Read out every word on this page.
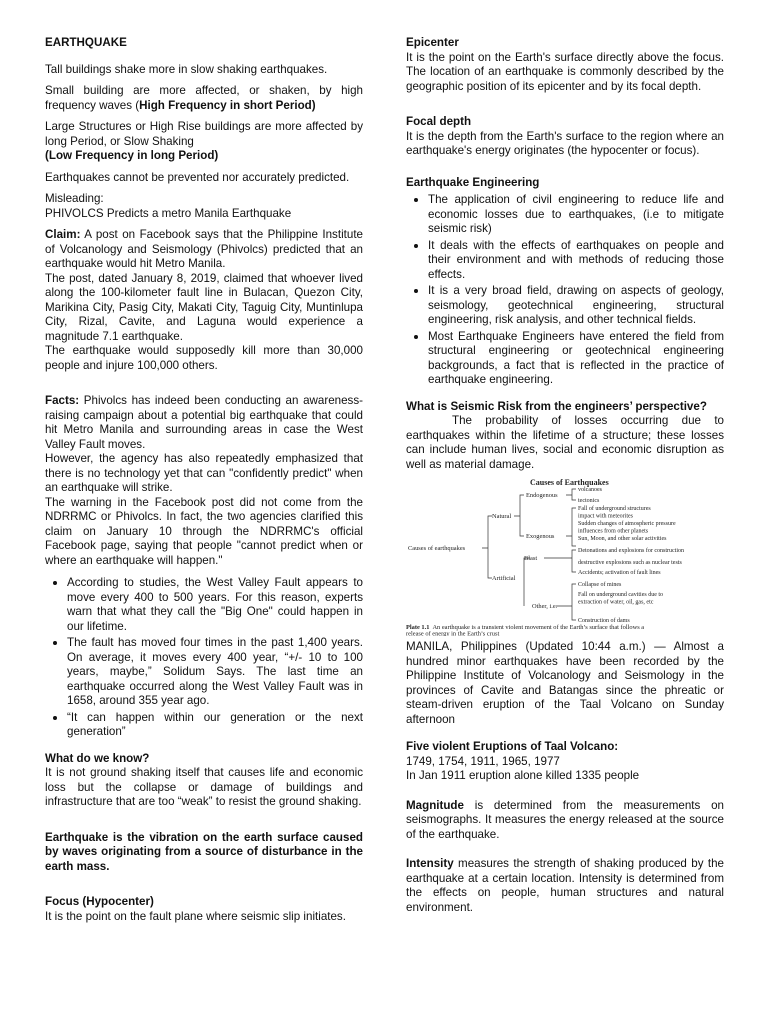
EARTHQUAKE

Tall buildings shake more in slow shaking earthquakes.

Small building are more affected, or shaken, by high frequency waves (High Frequency in short Period)

Large Structures or High Rise buildings are more affected by long Period, or Slow Shaking
(Low Frequency in long Period)

Earthquakes cannot be prevented nor accurately predicted.

Misleading:

PHIVOLCS Predicts a metro Manila Earthquake

Claim: A post on Facebook says that the Philippine Institute of Volcanology and Seismology (Phivolcs) predicted that an earthquake would hit Metro Manila.

The post, dated January 8, 2019, claimed that whoever lived along the 100-kilometer fault line in Bulacan, Quezon City, Marikina City, Pasig City, Makati City, Taguig City, Muntinlupa City, Rizal, Cavite, and Laguna would experience a magnitude 7.1 earthquake.

The earthquake would supposedly kill more than 30,000 people and injure 100,000 others.

Facts: Phivolcs has indeed been conducting an awareness-raising campaign about a potential big earthquake that could hit Metro Manila and surrounding areas in case the West Valley Fault moves.

However, the agency has also repeatedly emphasized that there is no technology yet that can "confidently predict" when an earthquake will strike.

The warning in the Facebook post did not come from the NDRRMC or Phivolcs. In fact, the two agencies clarified this claim on January 10 through the NDRRMC's official Facebook page, saying that people "cannot predict when or where an earthquake will happen."

• According to studies, the West Valley Fault appears to move every 400 to 500 years. For this reason, experts warn that what they call the "Big One" could happen in our lifetime.
• The fault has moved four times in the past 1,400 years. On average, it moves every 400 year, “+/- 10 to 100 years, maybe,” Solidum Says. The last time an earthquake occurred along the West Valley Fault was in 1658, around 355 year ago.
• “It can happen within our generation or the next generation”

What do we know?

It is not ground shaking itself that causes life and economic loss but the collapse or damage of buildings and infrastructure that are too “weak” to resist the ground shaking.

Earthquake is the vibration on the earth surface caused by waves originating from a source of disturbance in the earth mass.

Focus (Hypocenter)

It is the point on the fault plane where seismic slip initiates.

Epicenter

It is the point on the Earth's surface directly above the focus. The location of an earthquake is commonly described by the geographic position of its epicenter and by its focal depth.

Focal depth

It is the depth from the Earth's surface to the region where an earthquake's energy originates (the hypocenter or focus).

Earthquake Engineering

• The application of civil engineering to reduce life and economic losses due to earthquakes, (i.e to mitigate seismic risk)
• It deals with the effects of earthquakes on people and their environment and with methods of reducing those effects.
• It is a very broad field, drawing on aspects of geology, seismology, geotechnical engineering, structural engineering, risk analysis, and other technical fields.
• Most Earthquake Engineers have entered the field from structural engineering or geotechnical engineering backgrounds, a fact that is reflected in the practice of earthquake engineering.

What is Seismic Risk from the engineers’ perspective?

The probability of losses occurring due to earthquakes within the lifetime of a structure; these losses can include human lives, social and economic disruption as well as material damage.

Causes of Earthquakes
Causes of earthquakes
Natural
Artificial
Endogenous
Exogenous
Blast
Other, i.e.
volcanoes
tectonics
Fall of underground structures
impact with meteorites
Sudden changes of atmospheric pressure
influences from other planets
Sun, Moon, and other solar activities
Detonations and explosions for construction
destructive explosions such as nuclear tests
Accidents; activation of fault lines
Collapse of mines
Fall on underground cavities due to
extraction of water, oil, gas, etc
Construction of dams
Plate 1.1 An earthquake is a transient violent movement of the Earth’s surface that follows a
release of energy in the Earth’s crust

MANILA, Philippines (Updated 10:44 a.m.) — Almost a hundred minor earthquakes have been recorded by the Philippine Institute of Volcanology and Seismology in the provinces of Cavite and Batangas since the phreatic or steam-driven eruption of the Taal Volcano on Sunday afternoon

Five violent Eruptions of Taal Volcano:

1749, 1754, 1911, 1965, 1977

In Jan 1911 eruption alone killed 1335 people

Magnitude is determined from the measurements on seismographs. It measures the energy released at the source of the earthquake.

Intensity measures the strength of shaking produced by the earthquake at a certain location. Intensity is determined from the effects on people, human structures and natural environment.
